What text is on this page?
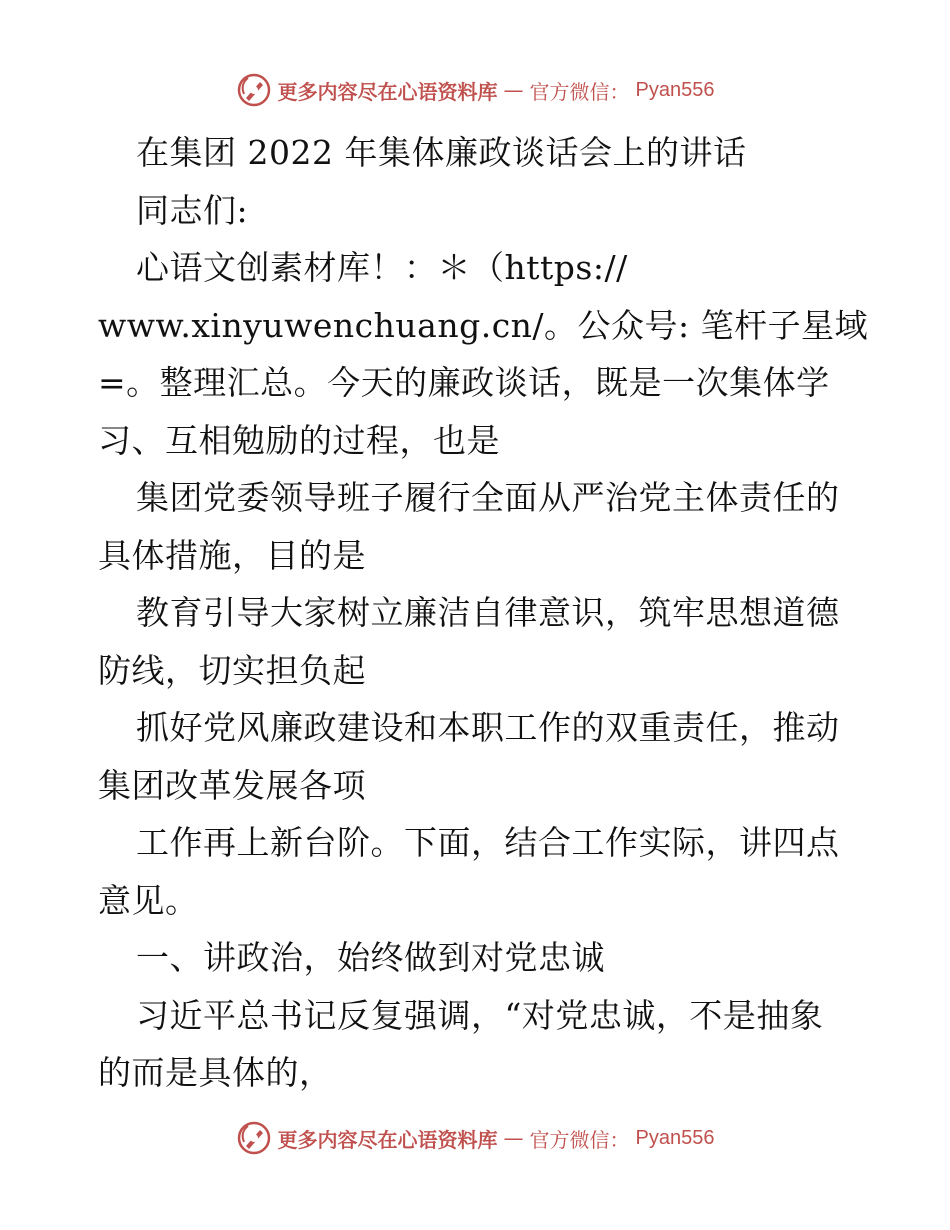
更多内容尽在心语资料库 — 官方微信： Pyan556
在集团 2022 年集体廉政谈话会上的讲话
同志们:
心语文创素材库！：＊（https://
www.xinyuwenchuang.cn/。公众号: 笔杆子星域
=。整理汇总。今天的廉政谈话，既是一次集体学
习、互相勉励的过程，也是
集团党委领导班子履行全面从严治党主体责任的
具体措施，目的是
教育引导大家树立廉洁自律意识，筑牢思想道德
防线，切实担负起
抓好党风廉政建设和本职工作的双重责任，推动
集团改革发展各项
工作再上新台阶。下面，结合工作实际，讲四点
意见。
一、讲政治，始终做到对党忠诚
习近平总书记反复强调，“对党忠诚，不是抽象
的而是具体的，
更多内容尽在心语资料库 — 官方微信： Pyan556
